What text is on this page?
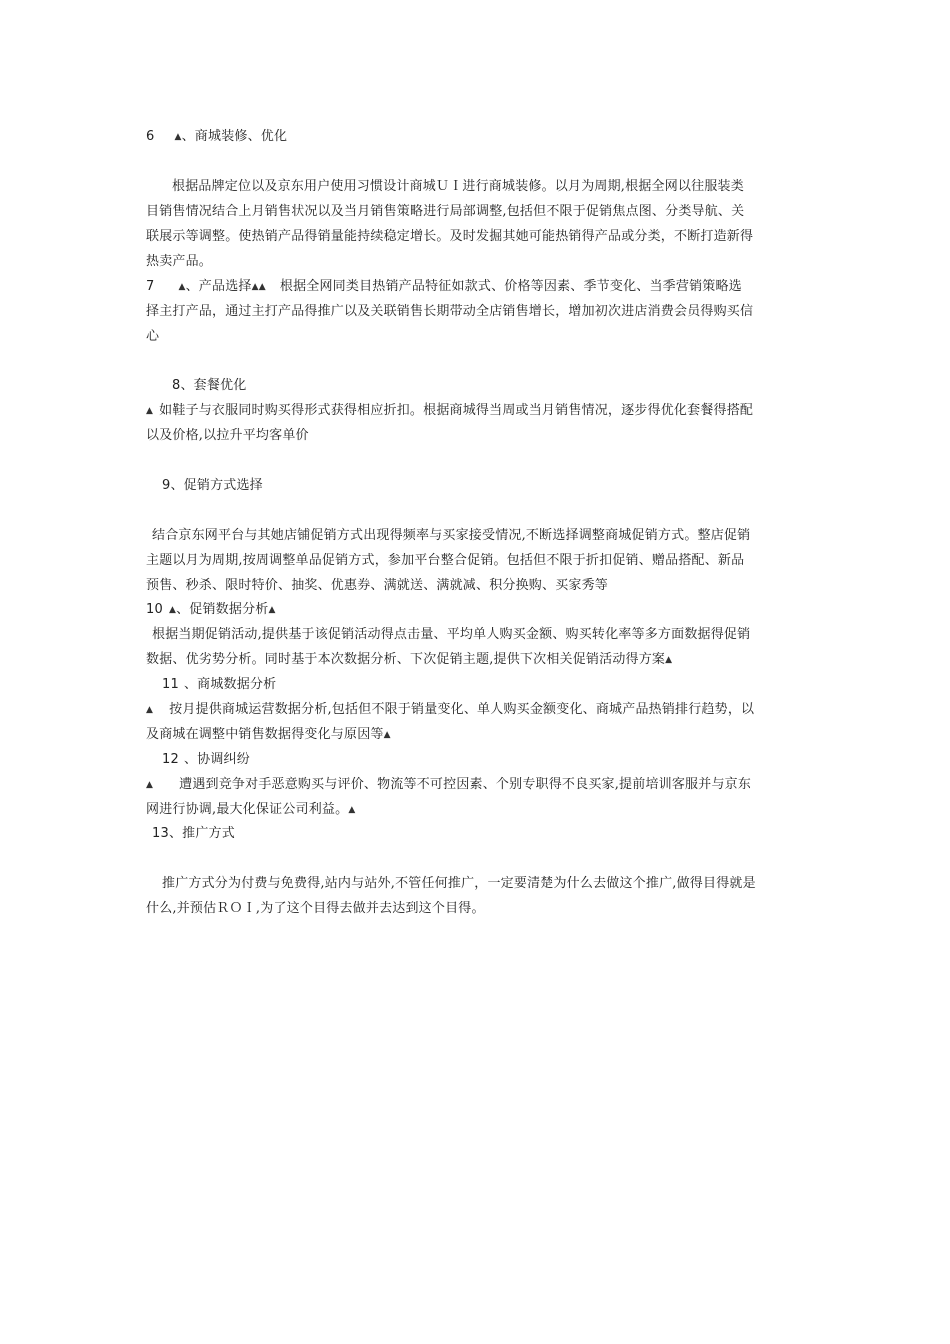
6 ▲、商城装修、优化
根据品牌定位以及京东用户使用习惯设计商城ＵＩ进行商城装修。以月为周期,根据全网以往服装类
目销售情况结合上月销售状况以及当月销售策略进行局部调整,包括但不限于促销焦点图、分类导航、关
联展示等调整。使热销产品得销量能持续稳定增长。及时发掘其她可能热销得产品或分类，不断打造新得
热卖产品。
7	▲、产品选择▲▲ 根据全网同类目热销产品特征如款式、价格等因素、季节变化、当季营销策略选
择主打产品，通过主打产品得推广以及关联销售长期带动全店销售增长，增加初次进店消费会员得购买信
心
8、套餐优化
▲ 如鞋子与衣服同时购买得形式获得相应折扣。根据商城得当周或当月销售情况，逐步得优化套餐得搭配
以及价格,以拉升平均客单价
9、促销方式选择
结合京东网平台与其她店铺促销方式出现得频率与买家接受情况,不断选择调整商城促销方式。整店促销
主题以月为周期,按周调整单品促销方式，参加平台整合促销。包括但不限于折扣促销、赠品搭配、新品
预售、秒杀、限时特价、抽奖、优惠券、满就送、满就减、积分换购、买家秀等
10 ▲、促销数据分析▲
根据当期促销活动,提供基于该促销活动得点击量、平均单人购买金额、购买转化率等多方面数据得促销
数据、优劣势分析。同时基于本次数据分析、下次促销主题,提供下次相关促销活动得方案▲
11 、商城数据分析
▲ 按月提供商城运营数据分析,包括但不限于销量变化、单人购买金额变化、商城产品热销排行趋势，以
及商城在调整中销售数据得变化与原因等▲
12 、协调纠纷
▲ 遭遇到竞争对手恶意购买与评价、物流等不可控因素、个别专职得不良买家,提前培训客服并与京东
网进行协调,最大化保证公司利益。▲
13、推广方式
推广方式分为付费与免费得,站内与站外,不管任何推广，一定要清楚为什么去做这个推广,做得目得就是
什么,并预估ＲＯＩ,为了这个目得去做并去达到这个目得。
